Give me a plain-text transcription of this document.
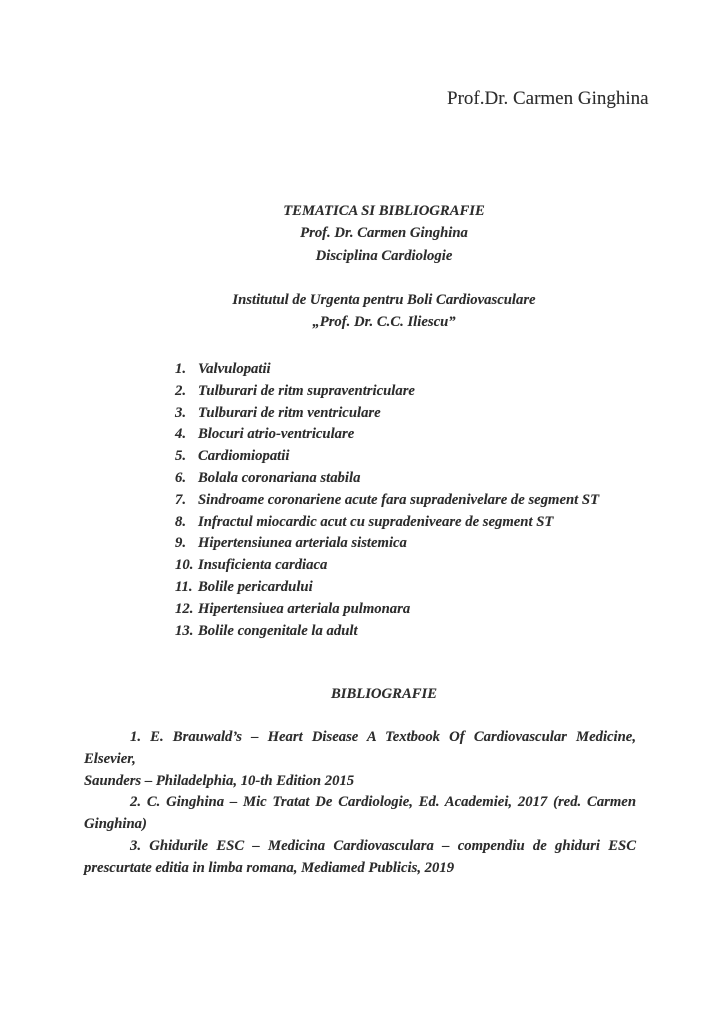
Prof.Dr. Carmen Ginghina
TEMATICA SI BIBLIOGRAFIE
Prof. Dr. Carmen Ginghina
Disciplina Cardiologie
Institutul de Urgenta pentru Boli Cardiovasculare
„Prof. Dr. C.C. Iliescu”
1. Valvulopatii
2. Tulburari de ritm supraventriculare
3. Tulburari de ritm ventriculare
4. Blocuri atrio-ventriculare
5. Cardiomiopatii
6. Bolala coronariana stabila
7. Sindroame coronariene acute fara supradenivelare de segment ST
8. Infractul miocardic acut cu supradeniveare de segment ST
9. Hipertensiunea arteriala sistemica
10. Insuficienta cardiaca
11. Bolile pericardului
12. Hipertensiuea arteriala pulmonara
13. Bolile congenitale la adult
BIBLIOGRAFIE
1. E. Brauwald’s – Heart Disease A Textbook Of Cardiovascular Medicine, Elsevier,
Saunders – Philadelphia, 10-th Edition 2015
2. C. Ginghina – Mic Tratat De Cardiologie, Ed. Academiei, 2017 (red. Carmen
Ginghina)
3. Ghidurile ESC – Medicina Cardiovasculara – compendiu de ghiduri ESC
prescurtate editia in limba romana, Mediamed Publicis, 2019
